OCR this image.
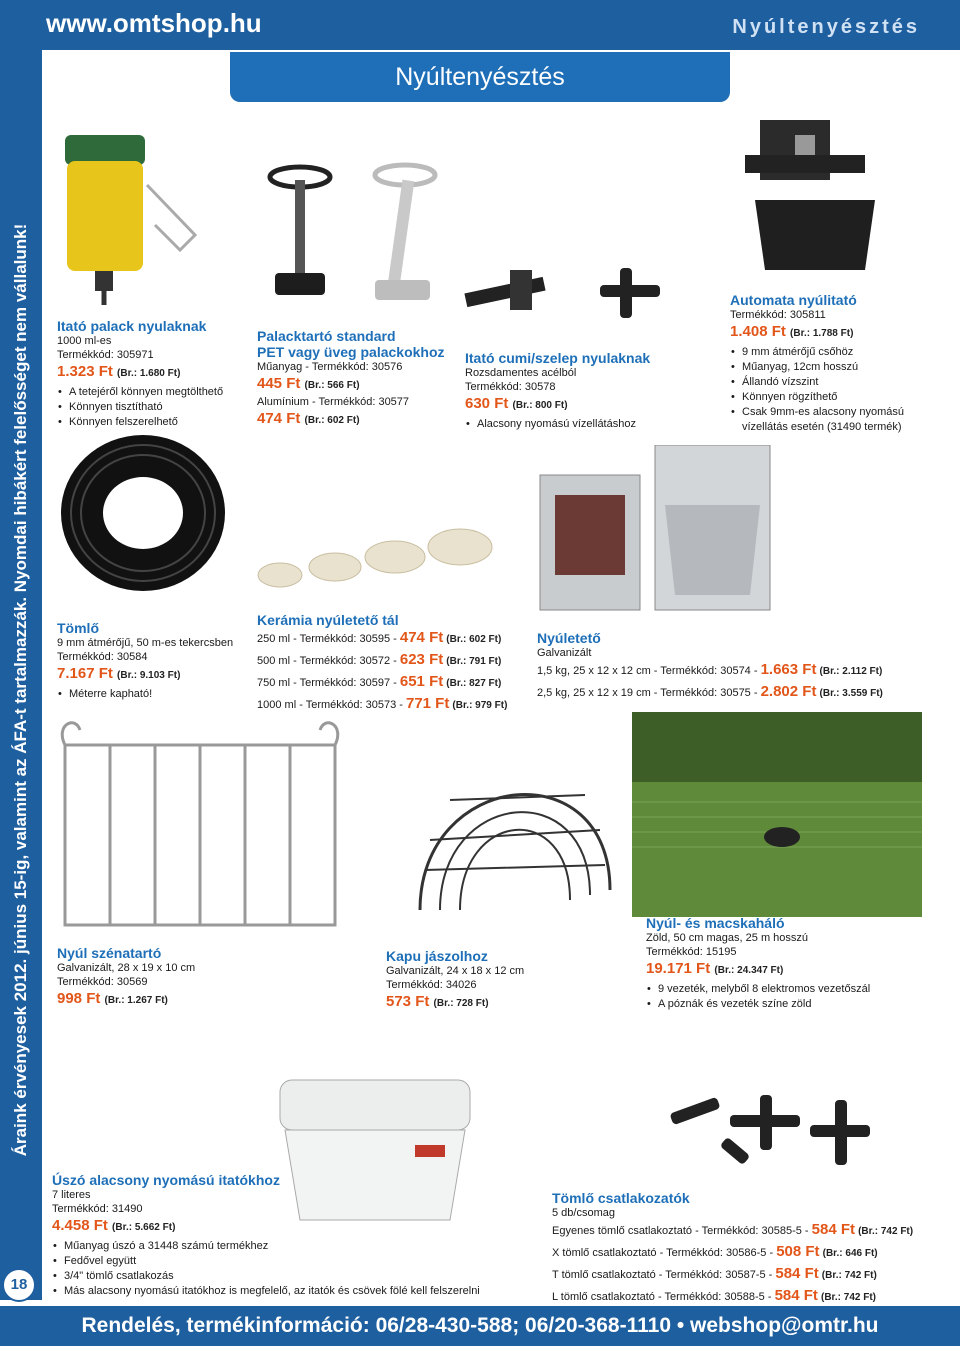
www.omtshop.hu	Nyúltenyésztés
Nyúltenyésztés
Áraink érvényesek 2012. június 15-ig, valamint az ÁFA-t tartalmazzák. Nyomdai hibákért felelősséget nem vállalunk!
18
Itató palack nyulaknak
1000 ml-es
Termékkód: 305971
1.323 Ft (Br.: 1.680 Ft)
• A tetejéről könnyen megtölthető
• Könnyen tisztítható
• Könnyen felszerelhető
Palacktartó standard
PET vagy üveg palackokhoz
Műanyag - Termékkód: 30576
445 Ft (Br.: 566 Ft)
Alumínium - Termékkód: 30577
474 Ft (Br.: 602 Ft)
Itató cumi/szelep nyulaknak
Rozsdamentes acélból
Termékkód: 30578
630 Ft (Br.: 800 Ft)
• Alacsony nyomású vízellátáshoz
Automata nyúlitató
Termékkód: 305811
1.408 Ft (Br.: 1.788 Ft)
• 9 mm átmérőjű csőhöz
• Műanyag, 12cm hosszú
• Állandó vízszint
• Könnyen rögzíthető
• Csak 9mm-es alacsony nyomású vízellátás esetén (31490 termék)
Tömlő
9 mm átmérőjű, 50 m-es tekercsben
Termékkód: 30584
7.167 Ft (Br.: 9.103 Ft)
• Méterre kapható!
Kerámia nyúletető tál
250 ml - Termékkód: 30595 - 474 Ft (Br.: 602 Ft)
500 ml - Termékkód: 30572 - 623 Ft (Br.: 791 Ft)
750 ml - Termékkód: 30597 - 651 Ft (Br.: 827 Ft)
1000 ml - Termékkód: 30573 - 771 Ft (Br.: 979 Ft)
Nyúletető
Galvanizált
1,5 kg, 25 x 12 x 12 cm - Termékkód: 30574 - 1.663 Ft (Br.: 2.112 Ft)
2,5 kg, 25 x 12 x 19 cm - Termékkód: 30575 - 2.802 Ft (Br.: 3.559 Ft)
Nyúl szénatartó
Galvanizált, 28 x 19 x 10 cm
Termékkód: 30569
998 Ft (Br.: 1.267 Ft)
Kapu jászolhoz
Galvanizált, 24 x 18 x 12 cm
Termékkód: 34026
573 Ft (Br.: 728 Ft)
Nyúl- és macskaháló
Zöld, 50 cm magas, 25 m hosszú
Termékkód: 15195
19.171 Ft (Br.: 24.347 Ft)
• 9 vezeték, melyből 8 elektromos vezetőszál
• A póznák és vezeték színe zöld
Úszó alacsony nyomású itatókhoz
7 literes
Termékkód: 31490
4.458 Ft (Br.: 5.662 Ft)
• Műanyag úszó a 31448 számú termékhez
• Fedővel együtt
• 3/4" tömlő csatlakozás
• Más alacsony nyomású itatókhoz is megfelelő, az itatók és csövek fölé kell felszerelni
Tömlő csatlakozatók
5 db/csomag
Egyenes tömlő csatlakoztató - Termékkód: 30585-5 - 584 Ft (Br.: 742 Ft)
X tömlő csatlakoztató - Termékkód: 30586-5 - 508 Ft (Br.: 646 Ft)
T tömlő csatlakoztató - Termékkód: 30587-5 - 584 Ft (Br.: 742 Ft)
L tömlő csatlakoztató - Termékkód: 30588-5 - 584 Ft (Br.: 742 Ft)
Rendelés, termékinformáció: 06/28-430-588; 06/20-368-1110 • webshop@omtr.hu
